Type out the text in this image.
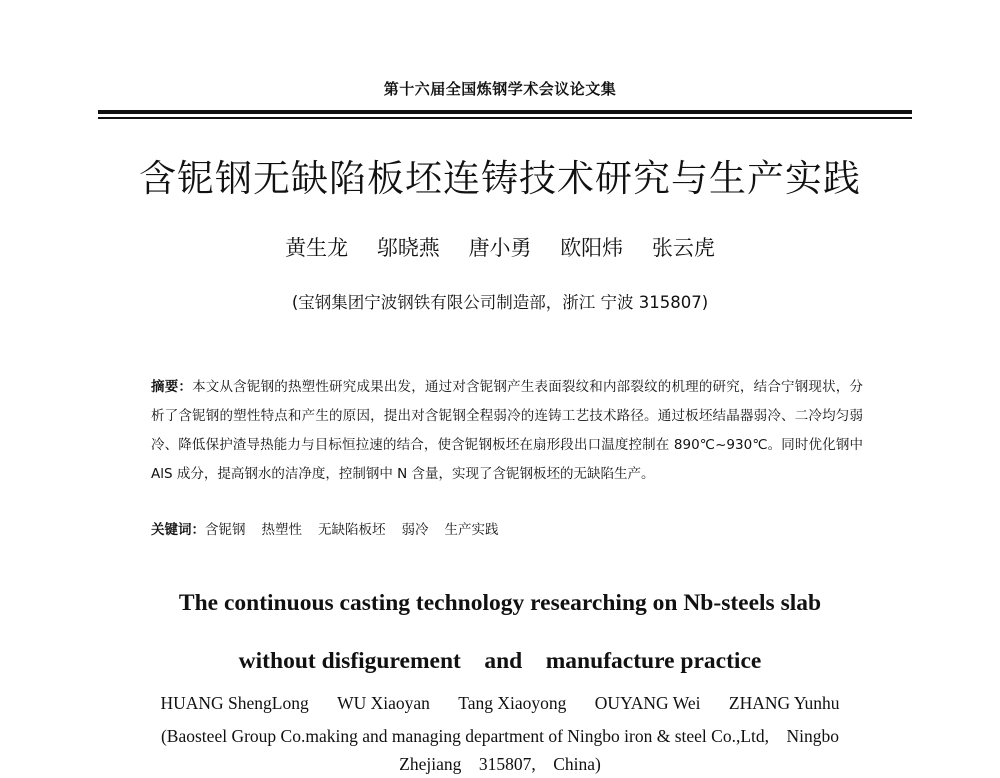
第十六届全国炼钢学术会议论文集
含铌钢无缺陷板坯连铸技术研究与生产实践
黄生龙 邬晓燕 唐小勇 欧阳炜 张云虎
(宝钢集团宁波钢铁有限公司制造部，浙江 宁波 315807)
摘要：本文从含铌钢的热塑性研究成果出发，通过对含铌钢产生表面裂纹和内部裂纹的机理的研究，结合宁钢现状，分析了含铌钢的塑性特点和产生的原因，提出对含铌钢全程弱冷的连铸工艺技术路径。通过板坯结晶器弱冷、二冷均匀弱冷、降低保护渣导热能力与目标恒拉速的结合，使含铌钢板坯在扇形段出口温度控制在 890℃~930℃。同时优化钢中 AlS 成分，提高钢水的洁净度，控制钢中 N 含量，实现了含铌钢板坯的无缺陷生产。
关键词：含铌钢 热塑性 无缺陷板坯 弱冷 生产实践
The continuous casting technology researching on Nb-steels slab
without disfigurement    and    manufacture practice
HUANG ShengLong WU Xiaoyan Tang Xiaoyong OUYANG Wei ZHANG Yunhu
(Baosteel Group Co.making and managing department of Ningbo iron & steel Co.,Ltd,    Ningbo
Zhejiang    315807,    China)
